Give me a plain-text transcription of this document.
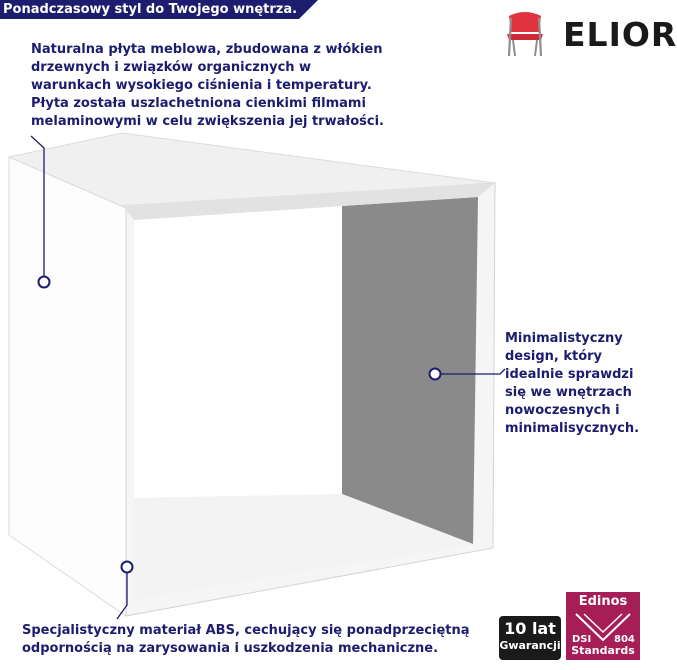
Ponadczasowy styl do Twojego wnętrza.
ELIOR

Naturalna płyta meblowa, zbudowana z włókien drzewnych i związków organicznych w warunkach wysokiego ciśnienia i temperatury. Płyta została uszlachetniona cienkimi filmami melaminowymi w celu zwiększenia jej trwałości.

Minimalistyczny design, który idealnie sprawdzi się we wnętrzach nowoczesnych i minimalisycznych.

Specjalistyczny materiał ABS, cechujący się ponadprzeciętną odpornością na zarysowania i uszkodzenia mechaniczne.

10 lat
Gwarancji
Edinos
DSI 804
Standards
